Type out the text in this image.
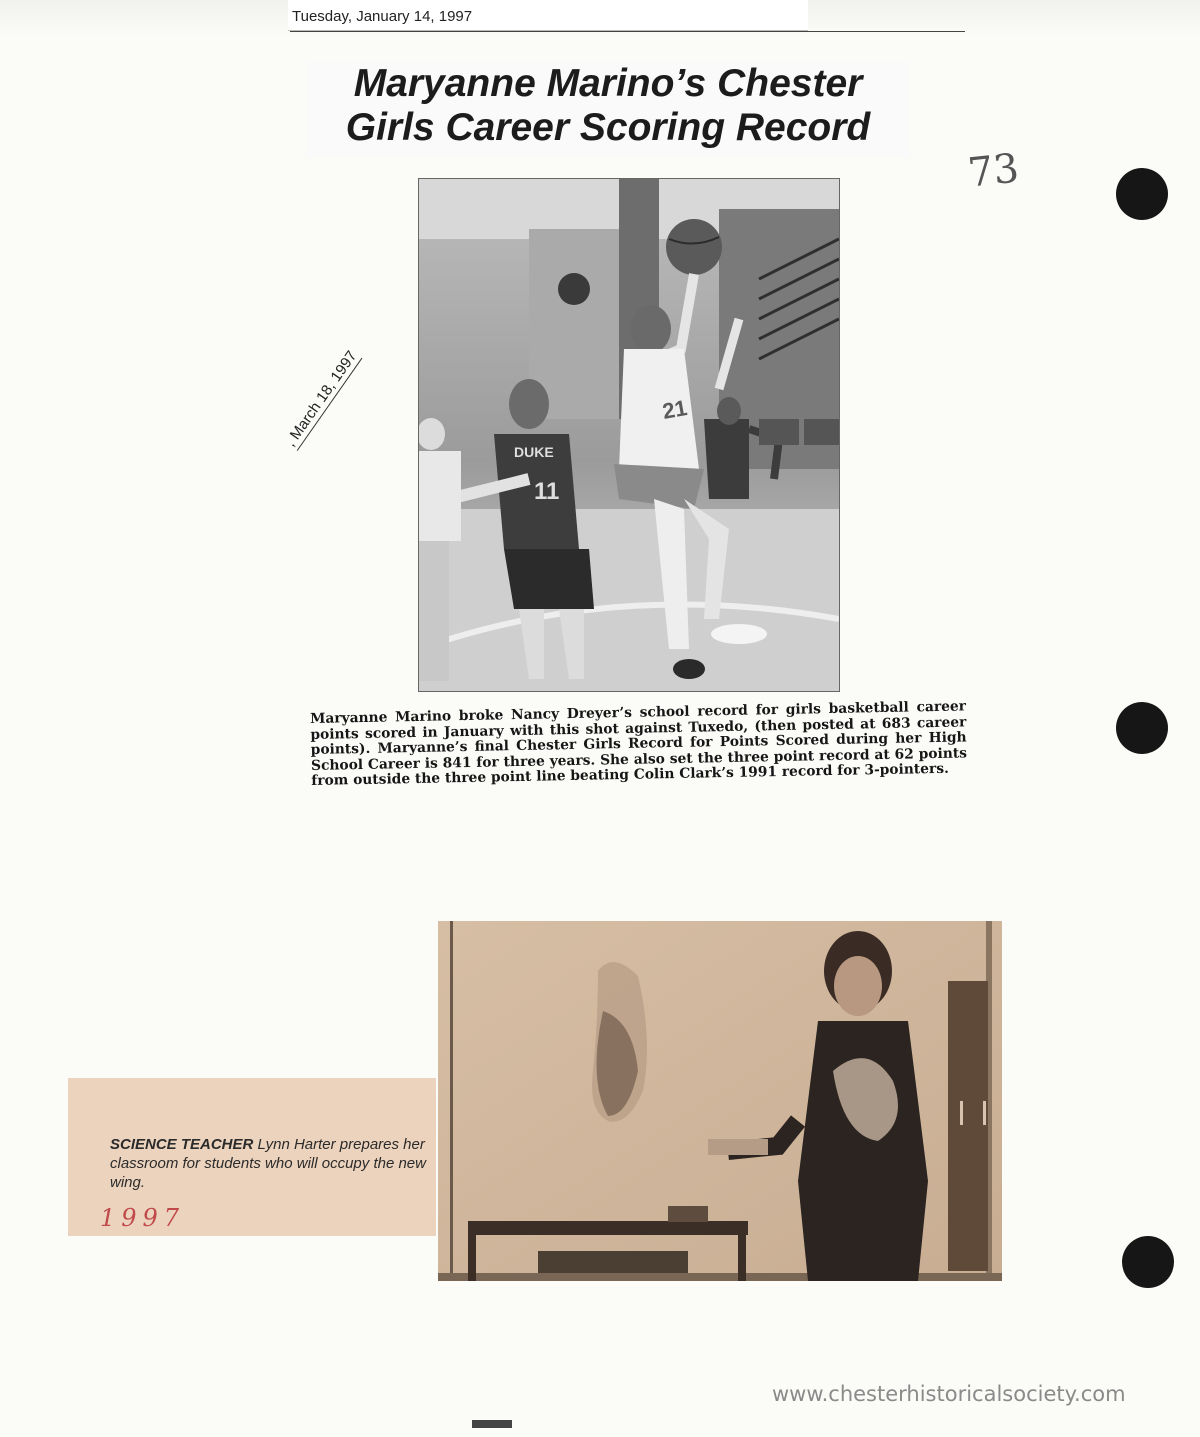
Tuesday, January 14, 1997
Maryanne Marino’s Chester
Girls Career Scoring Record
73
21
DUKE
11
, March 18, 1997
Maryanne Marino broke Nancy Dreyer’s school record for girls basketball career points scored in January with this shot against Tuxedo, (then posted at 683 career points). Maryanne’s final Chester Girls Record for Points Scored during her High School Career is 841 for three years. She also set the three point record at 62 points from outside the three point line beating Colin Clark’s 1991 record for 3-pointers.
SCIENCE TEACHER Lynn Harter prepares her classroom for students who will occupy the new wing.
1997
www.chesterhistoricalsociety.com
